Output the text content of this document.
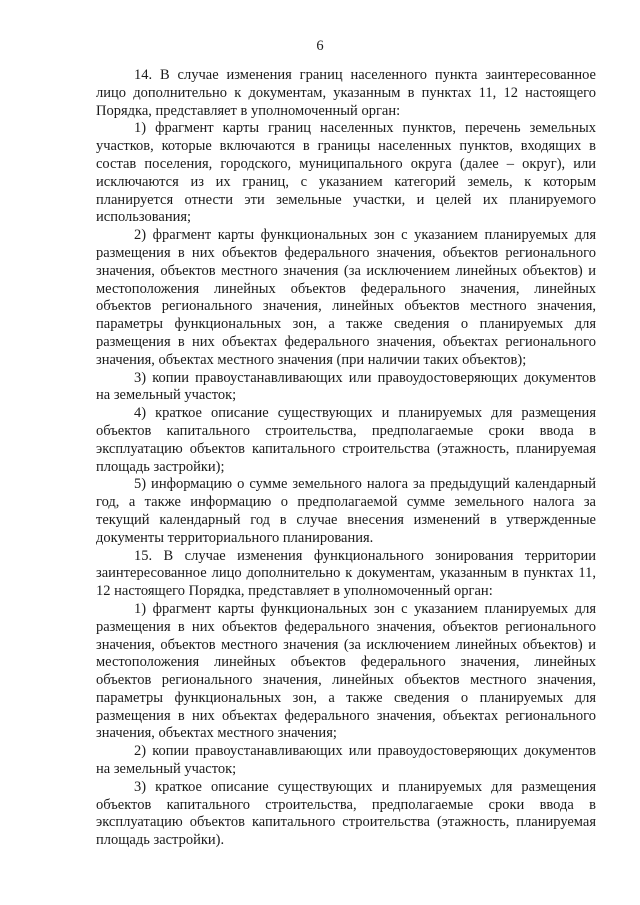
6

14. В случае изменения границ населенного пункта заинтересованное лицо дополнительно к документам, указанным в пунктах 11, 12 настоящего Порядка, представляет в уполномоченный орган:

1) фрагмент карты границ населенных пунктов, перечень земельных участков, которые включаются в границы населенных пунктов, входящих в состав поселения, городского, муниципального округа (далее – округ), или исключаются из их границ, с указанием категорий земель, к которым планируется отнести эти земельные участки, и целей их планируемого использования;

2) фрагмент карты функциональных зон с указанием планируемых для размещения в них объектов федерального значения, объектов регионального значения, объектов местного значения (за исключением линейных объектов) и местоположения линейных объектов федерального значения, линейных объектов регионального значения, линейных объектов местного значения, параметры функциональных зон, а также сведения о планируемых для размещения в них объектах федерального значения, объектах регионального значения, объектах местного значения (при наличии таких объектов);

3) копии правоустанавливающих или правоудостоверяющих документов на земельный участок;

4) краткое описание существующих и планируемых для размещения объектов капитального строительства, предполагаемые сроки ввода в эксплуатацию объектов капитального строительства (этажность, планируемая площадь застройки);

5) информацию о сумме земельного налога за предыдущий календарный год, а также информацию о предполагаемой сумме земельного налога за текущий календарный год в случае внесения изменений в утвержденные документы территориального планирования.

15. В случае изменения функционального зонирования территории заинтересованное лицо дополнительно к документам, указанным в пунктах 11, 12 настоящего Порядка, представляет в уполномоченный орган:

1) фрагмент карты функциональных зон с указанием планируемых для размещения в них объектов федерального значения, объектов регионального значения, объектов местного значения (за исключением линейных объектов) и местоположения линейных объектов федерального значения, линейных объектов регионального значения, линейных объектов местного значения, параметры функциональных зон, а также сведения о планируемых для размещения в них объектах федерального значения, объектах регионального значения, объектах местного значения;

2) копии правоустанавливающих или правоудостоверяющих документов на земельный участок;

3) краткое описание существующих и планируемых для размещения объектов капитального строительства, предполагаемые сроки ввода в эксплуатацию объектов капитального строительства (этажность, планируемая площадь застройки).
